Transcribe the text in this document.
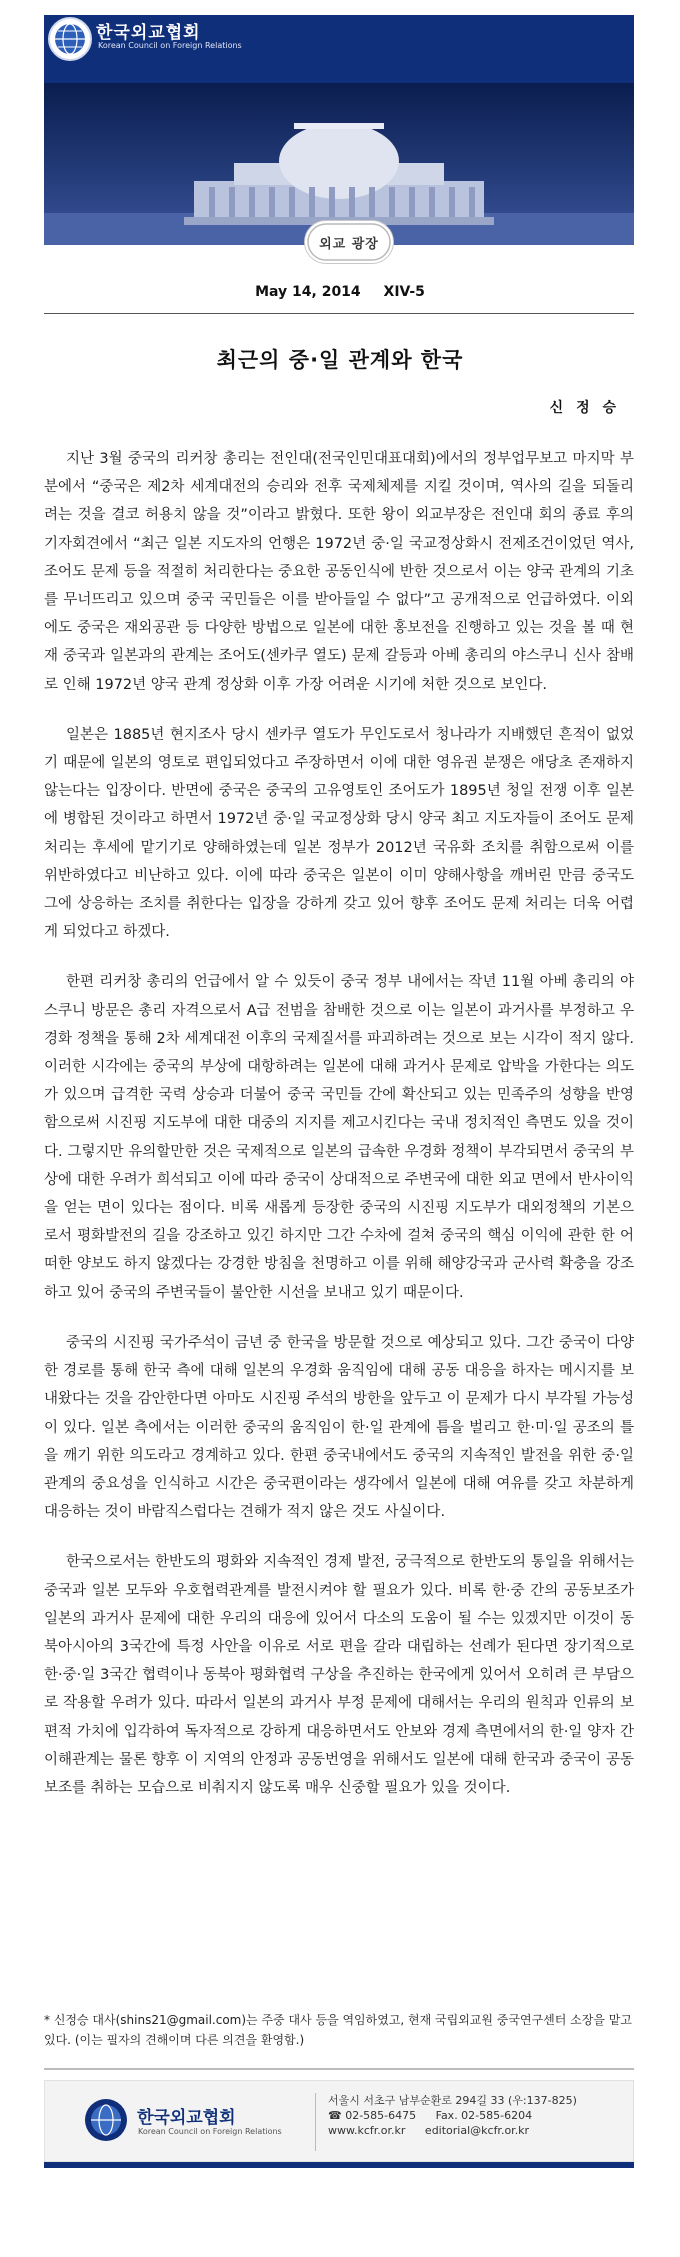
한국외교협회
Korean Council on Foreign Relations
외교 광장
May 14, 2014 XIV-5
최근의 중·일 관계와 한국
신 정 승

지난 3월 중국의 리커창 총리는 전인대(전국인민대표대회)에서의 정부업무보고 마지막 부분에서 “중국은 제2차 세계대전의 승리와 전후 국제체제를 지킬 것이며, 역사의 길을 되돌리려는 것을 결코 허용치 않을 것”이라고 밝혔다. 또한 왕이 외교부장은 전인대 회의 종료 후의 기자회견에서 “최근 일본 지도자의 언행은 1972년 중·일 국교정상화시 전제조건이었던 역사, 조어도 문제 등을 적절히 처리한다는 중요한 공동인식에 반한 것으로서 이는 양국 관계의 기초를 무너뜨리고 있으며 중국 국민들은 이를 받아들일 수 없다”고 공개적으로 언급하였다. 이외에도 중국은 재외공관 등 다양한 방법으로 일본에 대한 홍보전을 진행하고 있는 것을 볼 때 현재 중국과 일본과의 관계는 조어도(센카쿠 열도) 문제 갈등과 아베 총리의 야스쿠니 신사 참배로 인해 1972년 양국 관계 정상화 이후 가장 어려운 시기에 처한 것으로 보인다.

일본은 1885년 현지조사 당시 센카쿠 열도가 무인도로서 청나라가 지배했던 흔적이 없었기 때문에 일본의 영토로 편입되었다고 주장하면서 이에 대한 영유권 분쟁은 애당초 존재하지 않는다는 입장이다. 반면에 중국은 중국의 고유영토인 조어도가 1895년 청일 전쟁 이후 일본에 병합된 것이라고 하면서 1972년 중·일 국교정상화 당시 양국 최고 지도자들이 조어도 문제 처리는 후세에 맡기기로 양해하였는데 일본 정부가 2012년 국유화 조치를 취함으로써 이를 위반하였다고 비난하고 있다. 이에 따라 중국은 일본이 이미 양해사항을 깨버린 만큼 중국도 그에 상응하는 조치를 취한다는 입장을 강하게 갖고 있어 향후 조어도 문제 처리는 더욱 어렵게 되었다고 하겠다.

한편 리커창 총리의 언급에서 알 수 있듯이 중국 정부 내에서는 작년 11월 아베 총리의 야스쿠니 방문은 총리 자격으로서 A급 전범을 참배한 것으로 이는 일본이 과거사를 부정하고 우경화 정책을 통해 2차 세계대전 이후의 국제질서를 파괴하려는 것으로 보는 시각이 적지 않다. 이러한 시각에는 중국의 부상에 대항하려는 일본에 대해 과거사 문제로 압박을 가한다는 의도가 있으며 급격한 국력 상승과 더불어 중국 국민들 간에 확산되고 있는 민족주의 성향을 반영함으로써 시진핑 지도부에 대한 대중의 지지를 제고시킨다는 국내 정치적인 측면도 있을 것이다. 그렇지만 유의할만한 것은 국제적으로 일본의 급속한 우경화 정책이 부각되면서 중국의 부상에 대한 우려가 희석되고 이에 따라 중국이 상대적으로 주변국에 대한 외교 면에서 반사이익을 얻는 면이 있다는 점이다. 비록 새롭게 등장한 중국의 시진핑 지도부가 대외정책의 기본으로서 평화발전의 길을 강조하고 있긴 하지만 그간 수차에 걸쳐 중국의 핵심 이익에 관한 한 어떠한 양보도 하지 않겠다는 강경한 방침을 천명하고 이를 위해 해양강국과 군사력 확충을 강조하고 있어 중국의 주변국들이 불안한 시선을 보내고 있기 때문이다.

중국의 시진핑 국가주석이 금년 중 한국을 방문할 것으로 예상되고 있다. 그간 중국이 다양한 경로를 통해 한국 측에 대해 일본의 우경화 움직임에 대해 공동 대응을 하자는 메시지를 보내왔다는 것을 감안한다면 아마도 시진핑 주석의 방한을 앞두고 이 문제가 다시 부각될 가능성이 있다. 일본 측에서는 이러한 중국의 움직임이 한·일 관계에 틈을 벌리고 한·미·일 공조의 틀을 깨기 위한 의도라고 경계하고 있다. 한편 중국내에서도 중국의 지속적인 발전을 위한 중·일 관계의 중요성을 인식하고 시간은 중국편이라는 생각에서 일본에 대해 여유를 갖고 차분하게 대응하는 것이 바람직스럽다는 견해가 적지 않은 것도 사실이다.

한국으로서는 한반도의 평화와 지속적인 경제 발전, 궁극적으로 한반도의 통일을 위해서는 중국과 일본 모두와 우호협력관계를 발전시켜야 할 필요가 있다. 비록 한·중 간의 공동보조가 일본의 과거사 문제에 대한 우리의 대응에 있어서 다소의 도움이 될 수는 있겠지만 이것이 동북아시아의 3국간에 특정 사안을 이유로 서로 편을 갈라 대립하는 선례가 된다면 장기적으로 한·중·일 3국간 협력이나 동북아 평화협력 구상을 추진하는 한국에게 있어서 오히려 큰 부담으로 작용할 우려가 있다. 따라서 일본의 과거사 부정 문제에 대해서는 우리의 원칙과 인류의 보편적 가치에 입각하여 독자적으로 강하게 대응하면서도 안보와 경제 측면에서의 한·일 양자 간 이해관계는 물론 향후 이 지역의 안정과 공동번영을 위해서도 일본에 대해 한국과 중국이 공동보조를 취하는 모습으로 비춰지지 않도록 매우 신중할 필요가 있을 것이다.

* 신정승 대사(shins21@gmail.com)는 주중 대사 등을 역임하였고, 현재 국립외교원 중국연구센터 소장을 맡고 있다. (이는 필자의 견해이며 다른 의견을 환영함.)
한국외교협회
Korean Council on Foreign Relations
서울시 서초구 남부순환로 294길 33 (우:137-825)
☎ 02-585-6475 Fax. 02-585-6204
www.kcfr.or.kr editorial@kcfr.or.kr
